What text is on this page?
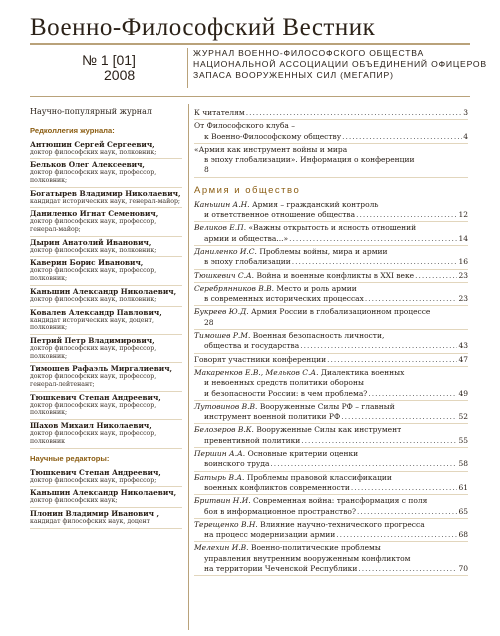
Военно-Философский Вестник
№ 1 [01]
2008
ЖУРНАЛ ВОЕННО-ФИЛОСОФСКОГО ОБЩЕСТВА НАЦИОНАЛЬНОЙ АССОЦИАЦИИ ОБЪЕДИНЕНИЙ ОФИЦЕРОВ ЗАПАСА ВООРУЖЕННЫХ СИЛ (МЕГАПИР)
Научно-популярный журнал
Редколлегия журнала:
Антюшин Сергей Сергеевич,
доктор философских наук, полковник;
Бельков Олег Алексеевич,
доктор философских наук, профессор, полковник;
Богатырев Владимир Николаевич,
кандидат исторических наук, генерал-майор;
Даниленко Игнат Семенович,
доктор философских наук, профессор, генерал-майор;
Дырин Анатолий Иванович,
доктор философских наук, полковник;
Каверин Борис Иванович,
доктор философских наук, профессор, полковник;
Каньшин Александр Николаевич,
доктор философских наук, полковник;
Ковалев Александр Павлович,
кандидат исторических наук, доцент, полковник;
Петрий Петр Владимирович,
доктор философских наук, профессор, полковник;
Тимошев Рафаэль Миргалиевич,
доктор философских наук, профессор, генерал-лейтенант;
Тюшкевич Степан Андреевич,
доктор философских наук, профессор, полковник;
Шахов Михаил Николаевич,
доктор философских наук, профессор, полковник
Научные редакторы:
Тюшкевич Степан Андреевич,
доктор философских наук, профессор;
Каньшин Александр Николаевич,
доктор философских наук;
Плонин Владимир Иванович ,
кандидат философских наук, доцент
К читателям .....	3
От Философского клуба –
к Военно-Философскому обществу .....	4
«Армия как инструмент войны и мира
в эпоху глобализации». Информация о конференции
8
Армия и общество
Каньшин А.Н.
Армия – гражданский контроль
и ответственное отношение общества .....	12
Великов Е.П.
«Важны открытость и ясность отношений
армии и общества...» .....	14
Даниленко И.С.
Проблемы войны, мира и армии
в эпоху глобализации .....	16
Тюшкевич С.А.
Война и военные конфликты в XXI веке .....	23
Серебрянников В.В.
Место и роль армии
в современных исторических процессах .....	23
Букреев Ю.Д.
Армия России в глобализационном процессе
28
Тимошев Р.М.
Военная безопасность личности,
общества и государства .....	43
Говорят участники конференции .....	47
Макаренков Е.В., Мельков С.А.
Диалектика военных
и невоенных средств политики обороны
и безопасности России: в чем проблема? .....	49
Лутовинов В.В.
Вооруженные Силы РФ – главный
инструмент военной политики РФ .....	52
Белозеров В.К.
Вооруженные Силы как инструмент
превентивной политики .....	55
Першин А.А.
Основные критерии оценки
воинского труда .....	58
Батырь В.А.
Проблемы правовой классификации
военных конфликтов современности .....	61
Бритвин Н.И.
Современная война: трансформация с поля
боя в информационное пространство? .....	65
Терещенко В.Н.
Влияние научно-технического прогресса
на процесс модернизации армии .....	68
Мелехин И.В.
Военно-политические проблемы
управления внутренним вооруженным конфликтом
на территории Чеченской Республики .....	70
